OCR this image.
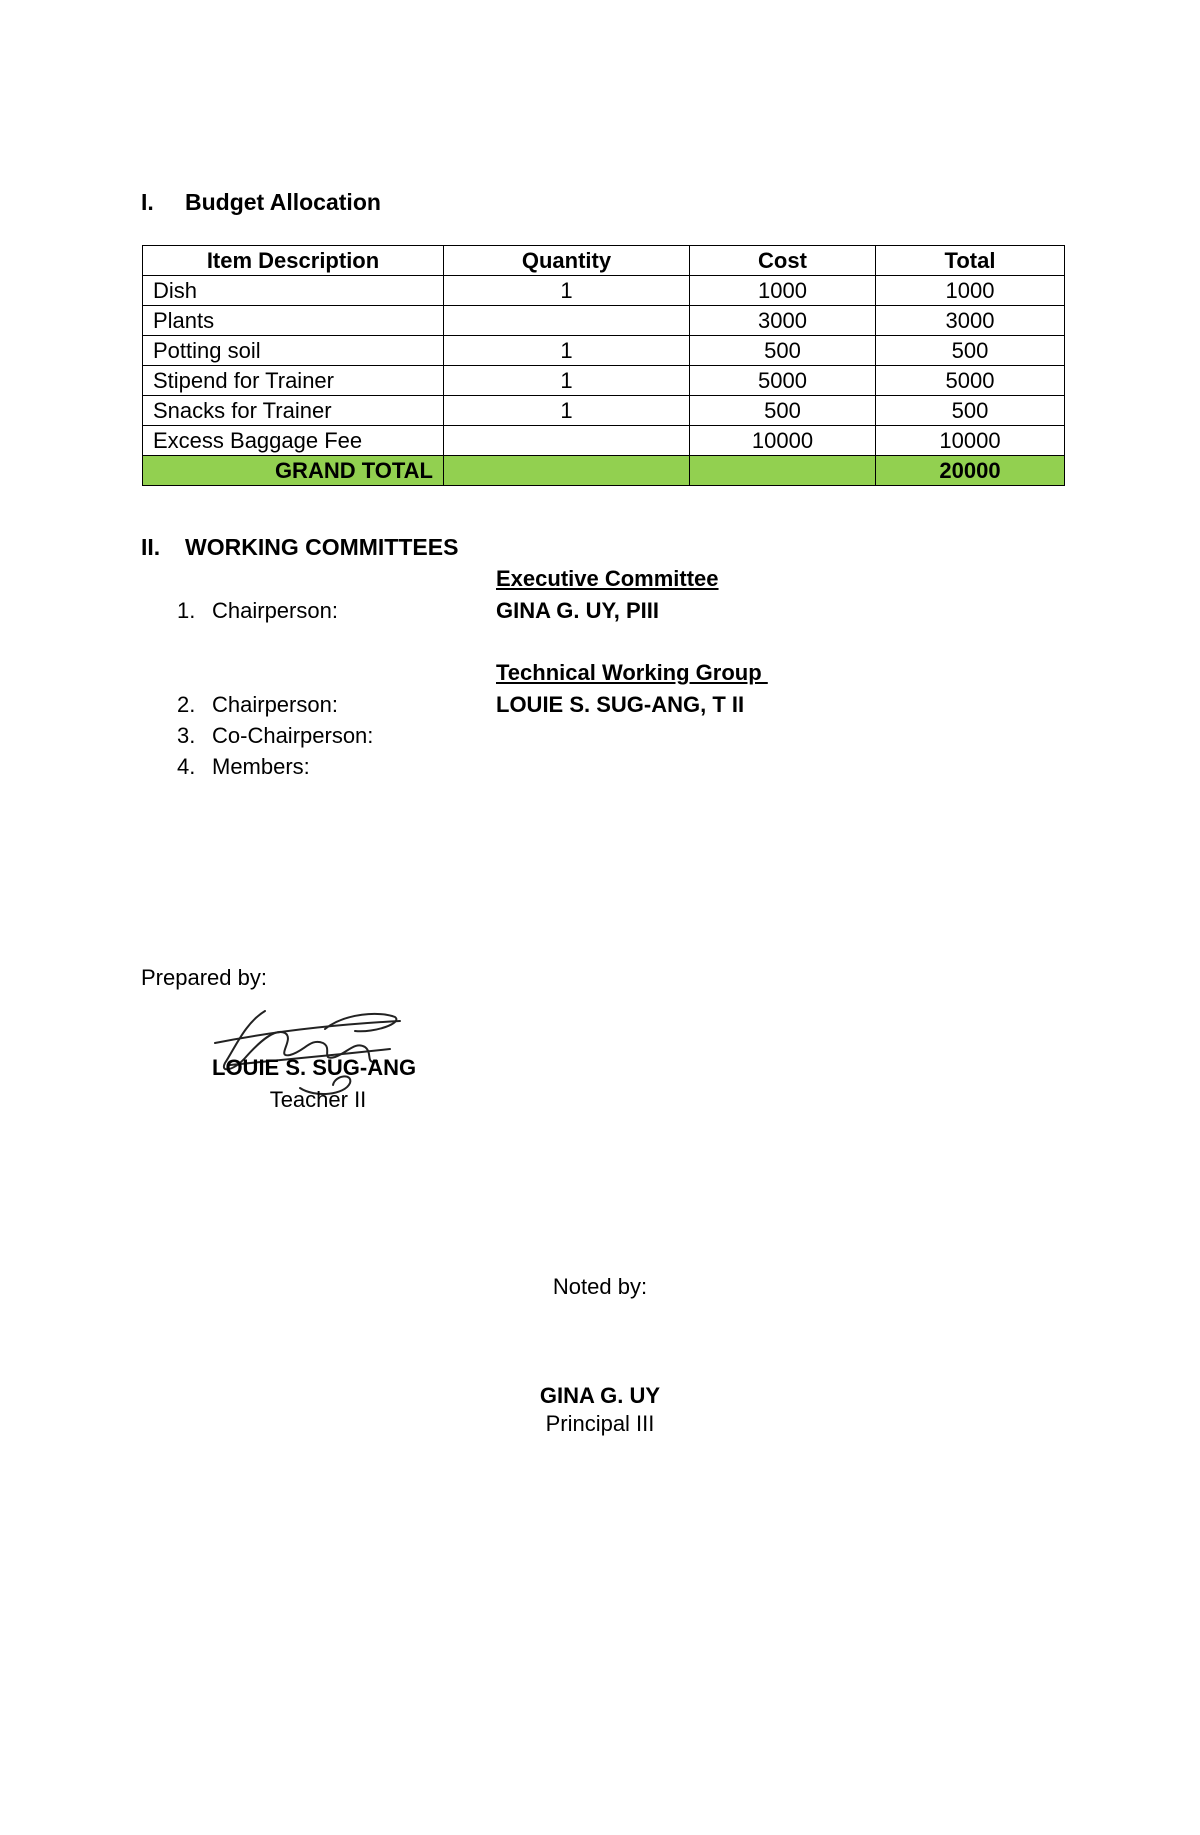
I. Budget Allocation
Item Description	Quantity	Cost	Total
Dish	1	1000	1000
Plants		3000	3000
Potting soil	1	500	500
Stipend for Trainer	1	5000	5000
Snacks for Trainer	1	500	500
Excess Baggage Fee		10000	10000
GRAND TOTAL			20000
II. WORKING COMMITTEES
Executive Committee
1. Chairperson:	GINA G. UY, PIII
Technical Working Group
2. Chairperson:	LOUIE S. SUG-ANG, T II
3. Co-Chairperson:
4. Members:
Prepared by:
LOUIE S. SUG-ANG
Teacher II
Noted by:
GINA G. UY
Principal III
